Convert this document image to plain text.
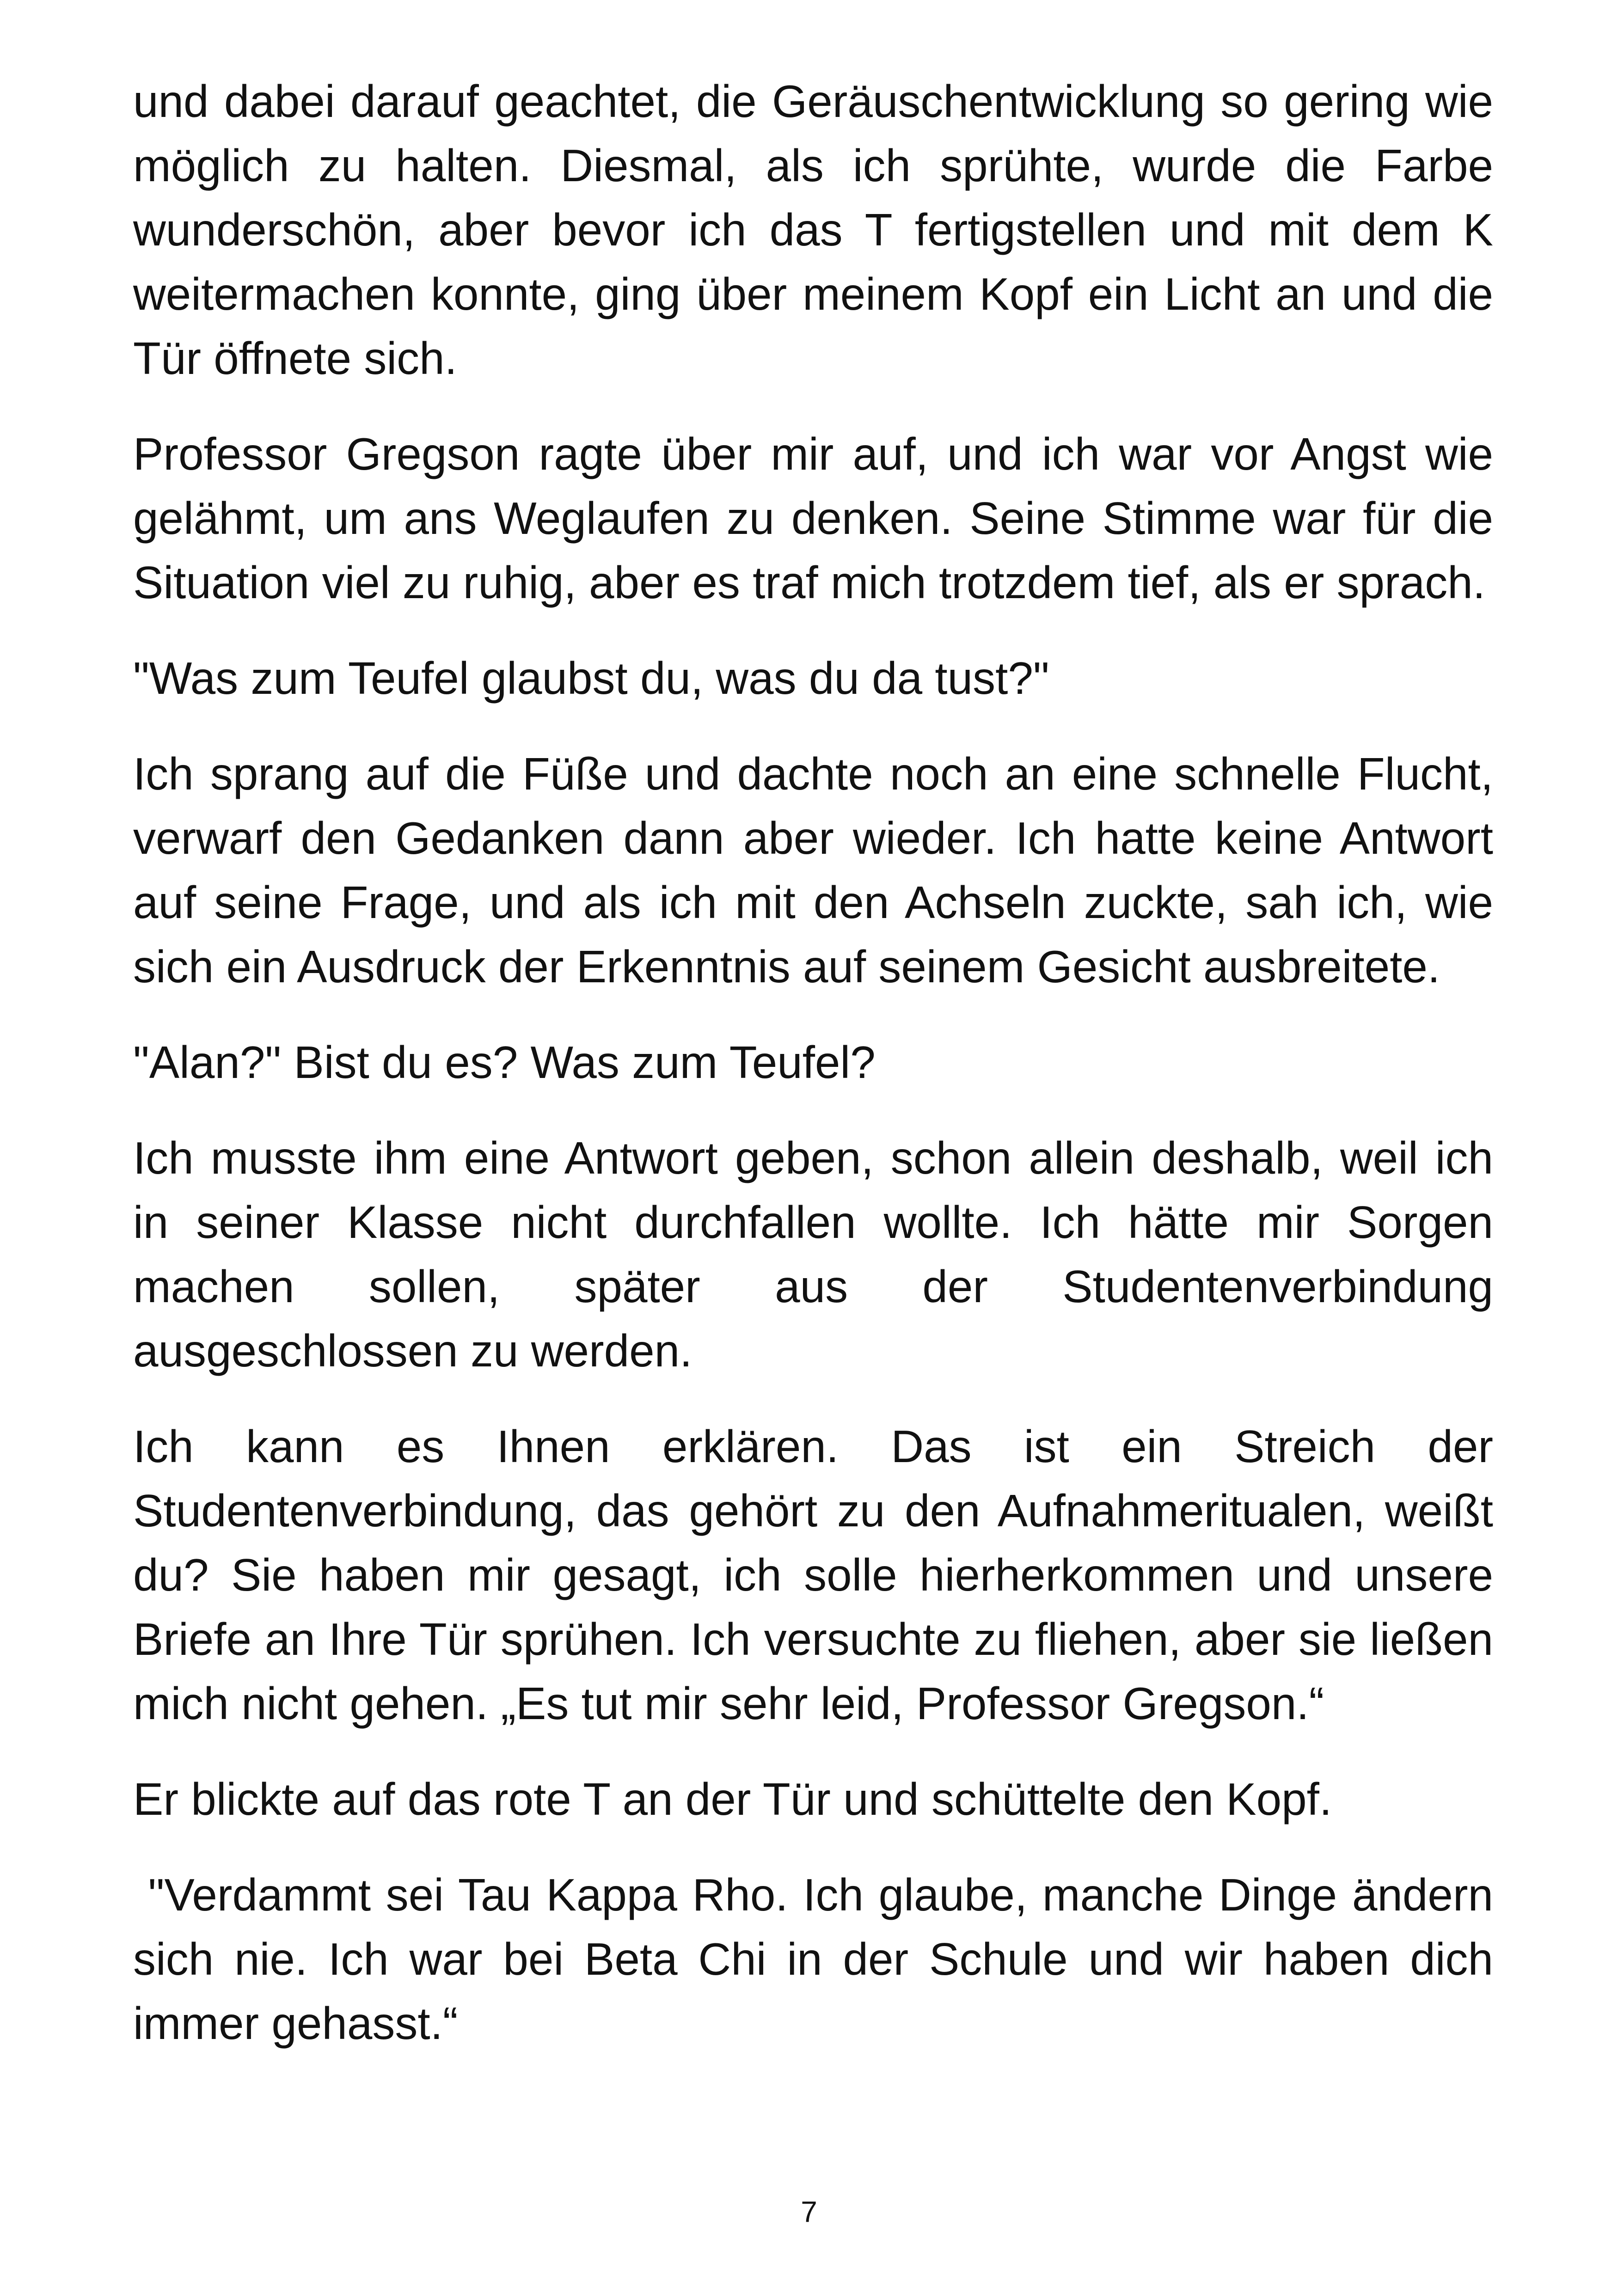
und dabei darauf geachtet, die Geräuschentwicklung so gering wie möglich zu halten. Diesmal, als ich sprühte, wurde die Farbe wunderschön, aber bevor ich das T fertigstellen und mit dem K weitermachen konnte, ging über meinem Kopf ein Licht an und die Tür öffnete sich.

Professor Gregson ragte über mir auf, und ich war vor Angst wie gelähmt, um ans Weglaufen zu denken. Seine Stimme war für die Situation viel zu ruhig, aber es traf mich trotzdem tief, als er sprach.

"Was zum Teufel glaubst du, was du da tust?"

Ich sprang auf die Füße und dachte noch an eine schnelle Flucht, verwarf den Gedanken dann aber wieder. Ich hatte keine Antwort auf seine Frage, und als ich mit den Achseln zuckte, sah ich, wie sich ein Ausdruck der Erkenntnis auf seinem Gesicht ausbreitete.

"Alan?" Bist du es? Was zum Teufel?

Ich musste ihm eine Antwort geben, schon allein deshalb, weil ich in seiner Klasse nicht durchfallen wollte. Ich hätte mir Sorgen machen sollen, später aus der Studentenverbindung ausgeschlossen zu werden.

Ich kann es Ihnen erklären. Das ist ein Streich der Studentenverbindung, das gehört zu den Aufnahmeritualen, weißt du? Sie haben mir gesagt, ich solle hierherkommen und unsere Briefe an Ihre Tür sprühen. Ich versuchte zu fliehen, aber sie ließen mich nicht gehen. „Es tut mir sehr leid, Professor Gregson.“

Er blickte auf das rote T an der Tür und schüttelte den Kopf.

"Verdammt sei Tau Kappa Rho. Ich glaube, manche Dinge ändern sich nie. Ich war bei Beta Chi in der Schule und wir haben dich immer gehasst.“

7
